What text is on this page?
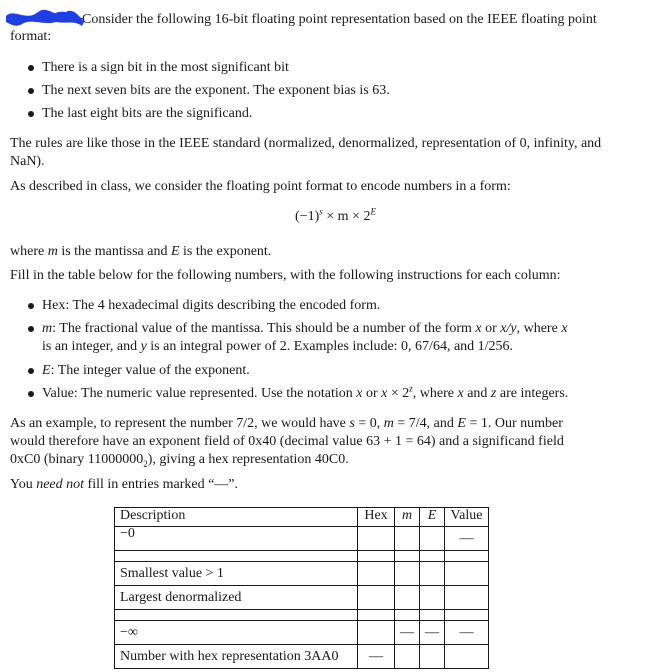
Consider the following 16-bit floating point representation based on the IEEE floating point
format:
There is a sign bit in the most significant bit
The next seven bits are the exponent. The exponent bias is 63.
The last eight bits are the significand.

The rules are like those in the IEEE standard (normalized, denormalized, representation of 0, infinity, and NaN).

As described in class, we consider the floating point format to encode numbers in a form:

$(-1)^s \times m \times 2^E$

where m is the mantissa and E is the exponent.

Fill in the table below for the following numbers, with the following instructions for each column:

Hex: The 4 hexadecimal digits describing the encoded form.
m: The fractional value of the mantissa. This should be a number of the form x or x/y, where x
is an integer, and y is an integral power of 2. Examples include: 0, 67/64, and 1/256.
E: The integer value of the exponent.
Value: The numeric value represented. Use the notation x or $x \times 2^z$, where x and z are integers.

As an example, to represent the number 7/2, we would have s = 0, m = 7/4, and E = 1. Our number
would therefore have an exponent field of 0x40 (decimal value 63 + 1 = 64) and a significand field
0xC0 (binary $11000000_2$), giving a hex representation 40C0.

You need not fill in entries marked “—”.

Description	Hex	m	E	Value
−0				—

Smallest value > 1				
Largest denormalized				

−∞		—	—	—
Number with hex representation 3AA0	—			
